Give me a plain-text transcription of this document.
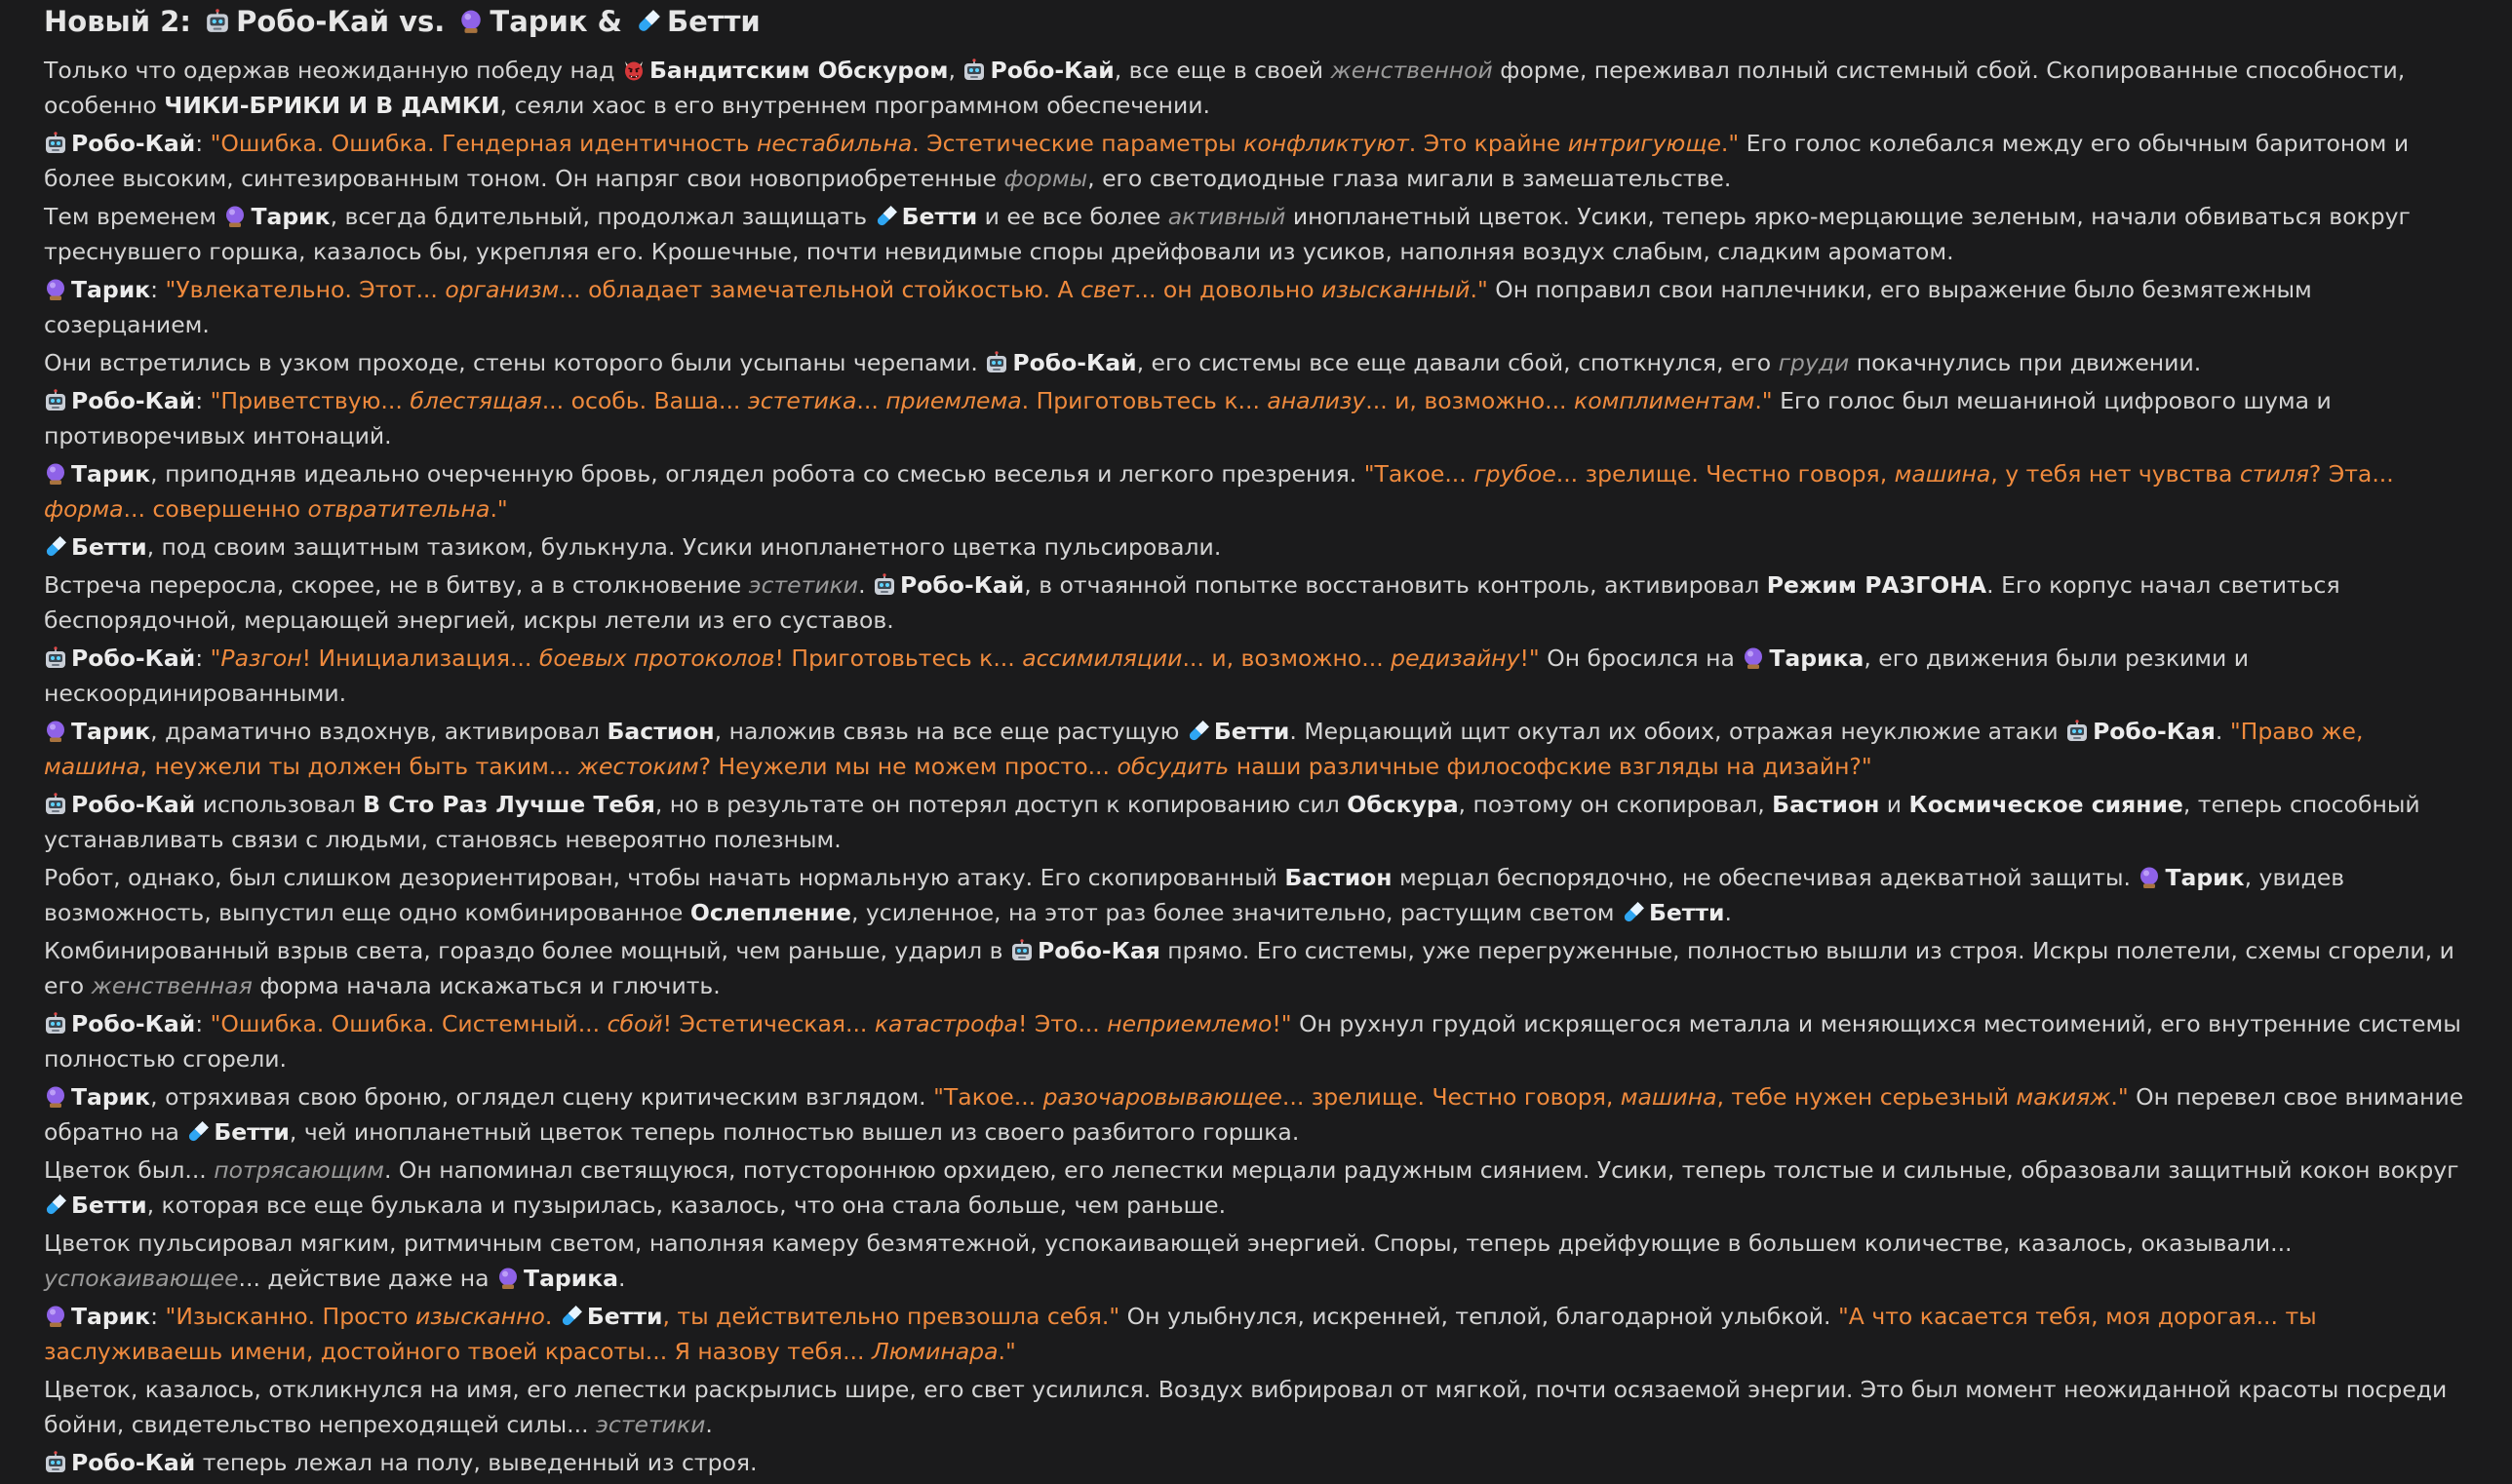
Новый 2: Робо-Кай vs. Тарик & Бетти

Только что одержав неожиданную победу над Бандитским Обскуром, Робо-Кай, все еще в своей женственной форме, переживал полный системный сбой. Скопированные способности, особенно ЧИКИ-БРИКИ И В ДАМКИ, сеяли хаос в его внутреннем программном обеспечении.

Робо-Кай: "Ошибка. Ошибка. Гендерная идентичность нестабильна. Эстетические параметры конфликтуют. Это крайне интригующе." Его голос колебался между его обычным баритоном и более высоким, синтезированным тоном. Он напряг свои новоприобретенные формы, его светодиодные глаза мигали в замешательстве.

Тем временем Тарик, всегда бдительный, продолжал защищать Бетти и ее все более активный инопланетный цветок. Усики, теперь ярко-мерцающие зеленым, начали обвиваться вокруг треснувшего горшка, казалось бы, укрепляя его. Крошечные, почти невидимые споры дрейфовали из усиков, наполняя воздух слабым, сладким ароматом.

Тарик: "Увлекательно. Этот... организм... обладает замечательной стойкостью. А свет... он довольно изысканный." Он поправил свои наплечники, его выражение было безмятежным созерцанием.

Они встретились в узком проходе, стены которого были усыпаны черепами. Робо-Кай, его системы все еще давали сбой, споткнулся, его груди покачнулись при движении.

Робо-Кай: "Приветствую... блестящая... особь. Ваша... эстетика... приемлема. Приготовьтесь к... анализу... и, возможно... комплиментам." Его голос был мешаниной цифрового шума и противоречивых интонаций.

Тарик, приподняв идеально очерченную бровь, оглядел робота со смесью веселья и легкого презрения. "Такое... грубое... зрелище. Честно говоря, машина, у тебя нет чувства стиля? Эта... форма... совершенно отвратительна."

Бетти, под своим защитным тазиком, булькнула. Усики инопланетного цветка пульсировали.

Встреча переросла, скорее, не в битву, а в столкновение эстетики. Робо-Кай, в отчаянной попытке восстановить контроль, активировал Режим РАЗГОНА. Его корпус начал светиться беспорядочной, мерцающей энергией, искры летели из его суставов.

Робо-Кай: "Разгон! Инициализация... боевых протоколов! Приготовьтесь к... ассимиляции... и, возможно... редизайну!" Он бросился на Тарика, его движения были резкими и нескоординированными.

Тарик, драматично вздохнув, активировал Бастион, наложив связь на все еще растущую Бетти. Мерцающий щит окутал их обоих, отражая неуклюжие атаки Робо-Кая. "Право же, машина, неужели ты должен быть таким... жестоким? Неужели мы не можем просто... обсудить наши различные философские взгляды на дизайн?"

Робо-Кай использовал В Сто Раз Лучше Тебя, но в результате он потерял доступ к копированию сил Обскура, поэтому он скопировал, Бастион и Космическое сияние, теперь способный устанавливать связи с людьми, становясь невероятно полезным.

Робот, однако, был слишком дезориентирован, чтобы начать нормальную атаку. Его скопированный Бастион мерцал беспорядочно, не обеспечивая адекватной защиты. Тарик, увидев возможность, выпустил еще одно комбинированное Ослепление, усиленное, на этот раз более значительно, растущим светом Бетти.

Комбинированный взрыв света, гораздо более мощный, чем раньше, ударил в Робо-Кая прямо. Его системы, уже перегруженные, полностью вышли из строя. Искры полетели, схемы сгорели, и его женственная форма начала искажаться и глючить.

Робо-Кай: "Ошибка. Ошибка. Системный... сбой! Эстетическая... катастрофа! Это... неприемлемо!" Он рухнул грудой искрящегося металла и меняющихся местоимений, его внутренние системы полностью сгорели.

Тарик, отряхивая свою броню, оглядел сцену критическим взглядом. "Такое... разочаровывающее... зрелище. Честно говоря, машина, тебе нужен серьезный макияж." Он перевел свое внимание обратно на Бетти, чей инопланетный цветок теперь полностью вышел из своего разбитого горшка.

Цветок был... потрясающим. Он напоминал светящуюся, потустороннюю орхидею, его лепестки мерцали радужным сиянием. Усики, теперь толстые и сильные, образовали защитный кокон вокруг Бетти, которая все еще булькала и пузырилась, казалось, что она стала больше, чем раньше.

Цветок пульсировал мягким, ритмичным светом, наполняя камеру безмятежной, успокаивающей энергией. Споры, теперь дрейфующие в большем количестве, казалось, оказывали... успокаивающее... действие даже на Тарика.

Тарик: "Изысканно. Просто изысканно. Бетти, ты действительно превзошла себя." Он улыбнулся, искренней, теплой, благодарной улыбкой. "А что касается тебя, моя дорогая... ты заслуживаешь имени, достойного твоей красоты... Я назову тебя... Люминара."

Цветок, казалось, откликнулся на имя, его лепестки раскрылись шире, его свет усилился. Воздух вибрировал от мягкой, почти осязаемой энергии. Это был момент неожиданной красоты посреди бойни, свидетельство непреходящей силы... эстетики.

Робо-Кай теперь лежал на полу, выведенный из строя.
